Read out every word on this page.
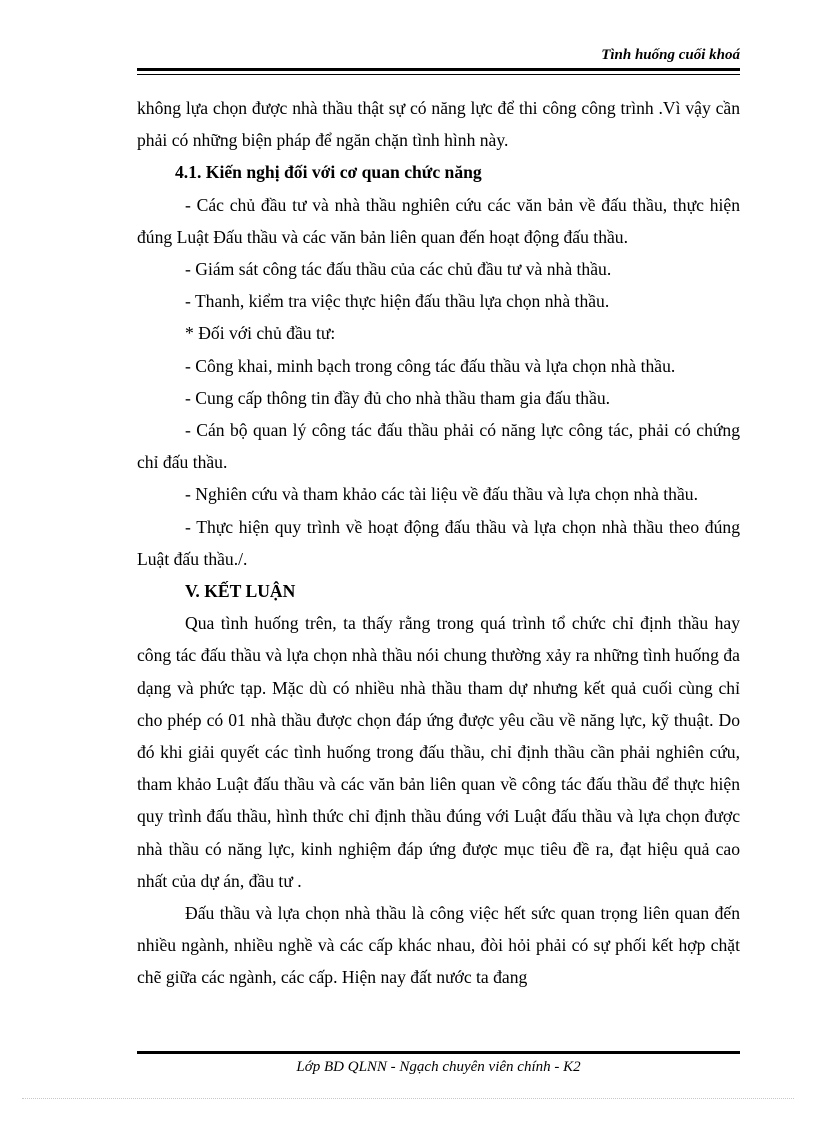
Tình huống cuối khoá

không lựa chọn được nhà thầu thật sự có năng lực để thi công công trình .Vì vậy cần phải có những biện pháp để ngăn chặn tình hình này.

4.1. Kiến nghị đối với cơ quan chức năng

- Các chủ đầu tư và nhà thầu nghiên cứu các văn bản về đấu thầu, thực hiện đúng Luật Đấu thầu và các văn bản liên quan đến hoạt động đấu thầu.

- Giám sát công tác đấu thầu của các chủ đầu tư và nhà thầu.

- Thanh, kiểm tra việc thực hiện đấu thầu lựa chọn nhà thầu.

* Đối với chủ đầu tư:

- Công khai, minh bạch trong công tác đấu thầu và lựa chọn nhà thầu.

- Cung cấp thông tin đầy đủ cho nhà thầu tham gia đấu thầu.

- Cán bộ quan lý công tác đấu thầu phải có năng lực công tác, phải có chứng chỉ đấu thầu.

- Nghiên cứu và tham khảo các tài liệu về đấu thầu và lựa chọn nhà thầu.

- Thực hiện quy trình về hoạt động đấu thầu và lựa chọn nhà thầu theo đúng Luật đấu thầu./.

V. KẾT LUẬN

Qua tình huống trên, ta thấy rằng trong quá trình tổ chức chỉ định thầu hay công tác đấu thầu và lựa chọn nhà thầu nói chung thường xảy ra những tình huống đa dạng và phức tạp. Mặc dù có nhiều nhà thầu tham dự nhưng kết quả cuối cùng chỉ cho phép có 01 nhà thầu được chọn đáp ứng được yêu cầu về năng lực, kỹ thuật. Do đó khi giải quyết các tình huống trong đấu thầu, chỉ định thầu cần phải nghiên cứu, tham khảo Luật đấu thầu và các văn bản liên quan về công tác đấu thầu để thực hiện quy trình đấu thầu, hình thức chỉ định thầu đúng với Luật đấu thầu và lựa chọn được nhà thầu có năng lực, kinh nghiệm đáp ứng được mục tiêu đề ra, đạt hiệu quả cao nhất của dự án, đầu tư .

Đấu thầu và lựa chọn nhà thầu là công việc hết sức quan trọng liên quan đến nhiều ngành, nhiều nghề và các cấp khác nhau, đòi hỏi phải có sự phối kết hợp chặt chẽ giữa các ngành, các cấp. Hiện nay đất nước ta đang

Lớp BD QLNN - Ngạch chuyên viên chính - K2
